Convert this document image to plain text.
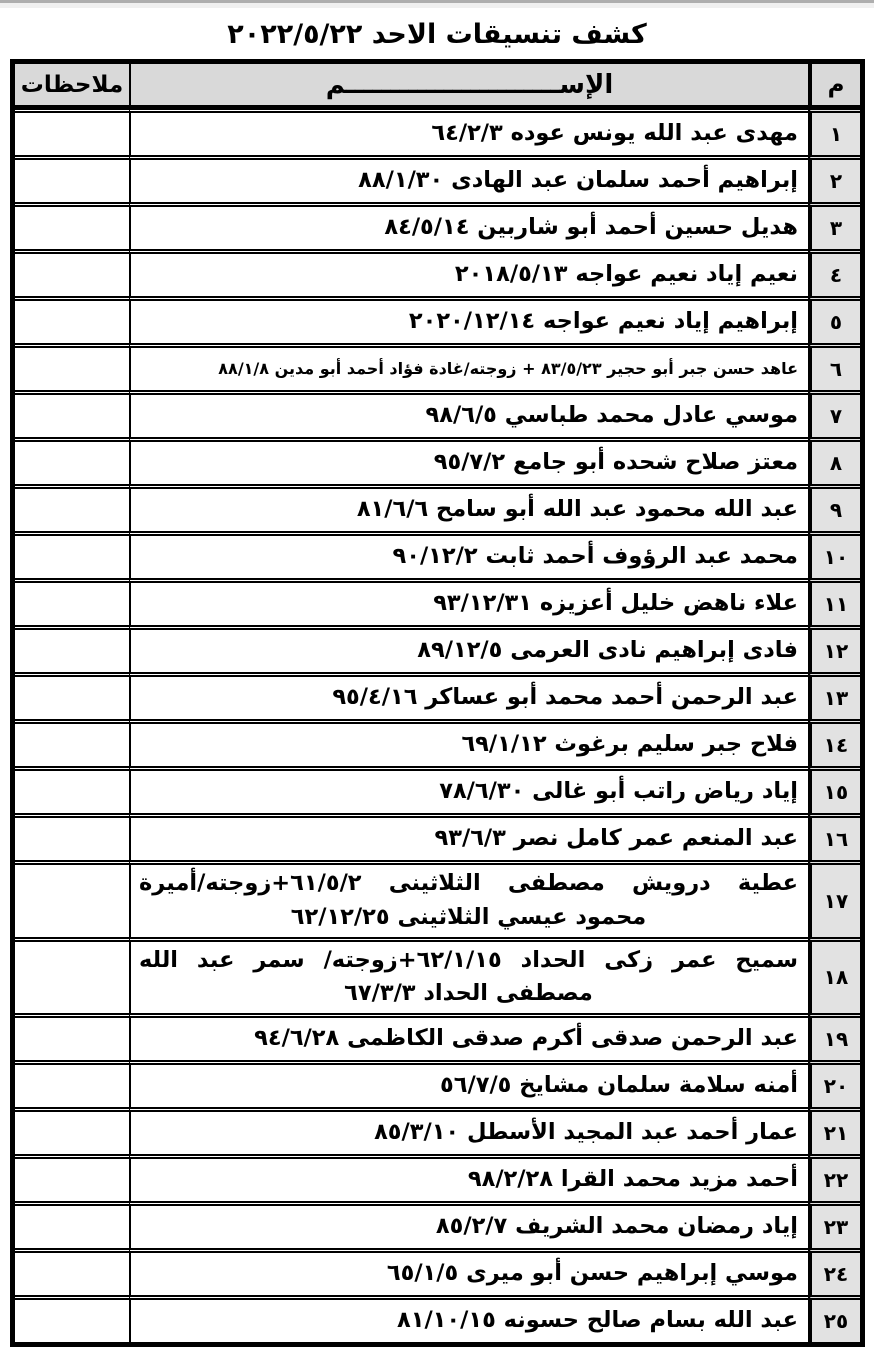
كشف تنسيقات الاحد ٢٠٢٢/٥/٢٢
م	الإســــــــــــــــــــــــم	ملاحظات
١	مهدى عبد الله يونس عوده ٦٤/٢/٣	
٢	إبراهيم أحمد سلمان عبد الهادى ٨٨/١/٣٠	
٣	هديل حسين أحمد أبو شاربين ٨٤/٥/١٤	
٤	نعيم إياد نعيم عواجه ٢٠١٨/٥/١٣	
٥	إبراهيم إياد نعيم عواجه ٢٠٢٠/١٢/١٤	
٦	عاهد حسن جبر أبو حجير ٨٣/٥/٢٣ + زوجته/غادة فؤاد أحمد أبو مدين ٨٨/١/٨	
٧	موسي عادل محمد طباسي ٩٨/٦/٥	
٨	معتز صلاح شحده أبو جامع ٩٥/٧/٢	
٩	عبد الله محمود عبد الله أبو سامح ٨١/٦/٦	
١٠	محمد عبد الرؤوف أحمد ثابت ٩٠/١٢/٢	
١١	علاء ناهض خليل أعزيزه ٩٣/١٢/٣١	
١٢	فادى إبراهيم نادى العرمى ٨٩/١٢/٥	
١٣	عبد الرحمن أحمد محمد أبو عساكر ٩٥/٤/١٦	
١٤	فلاح جبر سليم برغوث ٦٩/١/١٢	
١٥	إياد رياض راتب أبو غالى ٧٨/٦/٣٠	
١٦	عبد المنعم عمر كامل نصر ٩٣/٦/٣	
١٧	عطية درويش مصطفى الثلاثينى ٦١/٥/٢+زوجته/أميرة محمود عيسي الثلاثينى ٦٢/١٢/٢٥	
١٨	سميح عمر زكى الحداد ٦٢/١/١٥+زوجته/ سمر عبد الله مصطفى الحداد ٦٧/٣/٣	
١٩	عبد الرحمن صدقى أكرم صدقى الكاظمى ٩٤/٦/٢٨	
٢٠	أمنه سلامة سلمان مشايخ ٥٦/٧/٥	
٢١	عمار أحمد عبد المجيد الأسطل ٨٥/٣/١٠	
٢٢	أحمد مزيد محمد القرا ٩٨/٢/٢٨	
٢٣	إياد رمضان محمد الشريف ٨٥/٢/٧	
٢٤	موسي إبراهيم حسن أبو ميرى ٦٥/١/٥	
٢٥	عبد الله بسام صالح حسونه ٨١/١٠/١٥	
